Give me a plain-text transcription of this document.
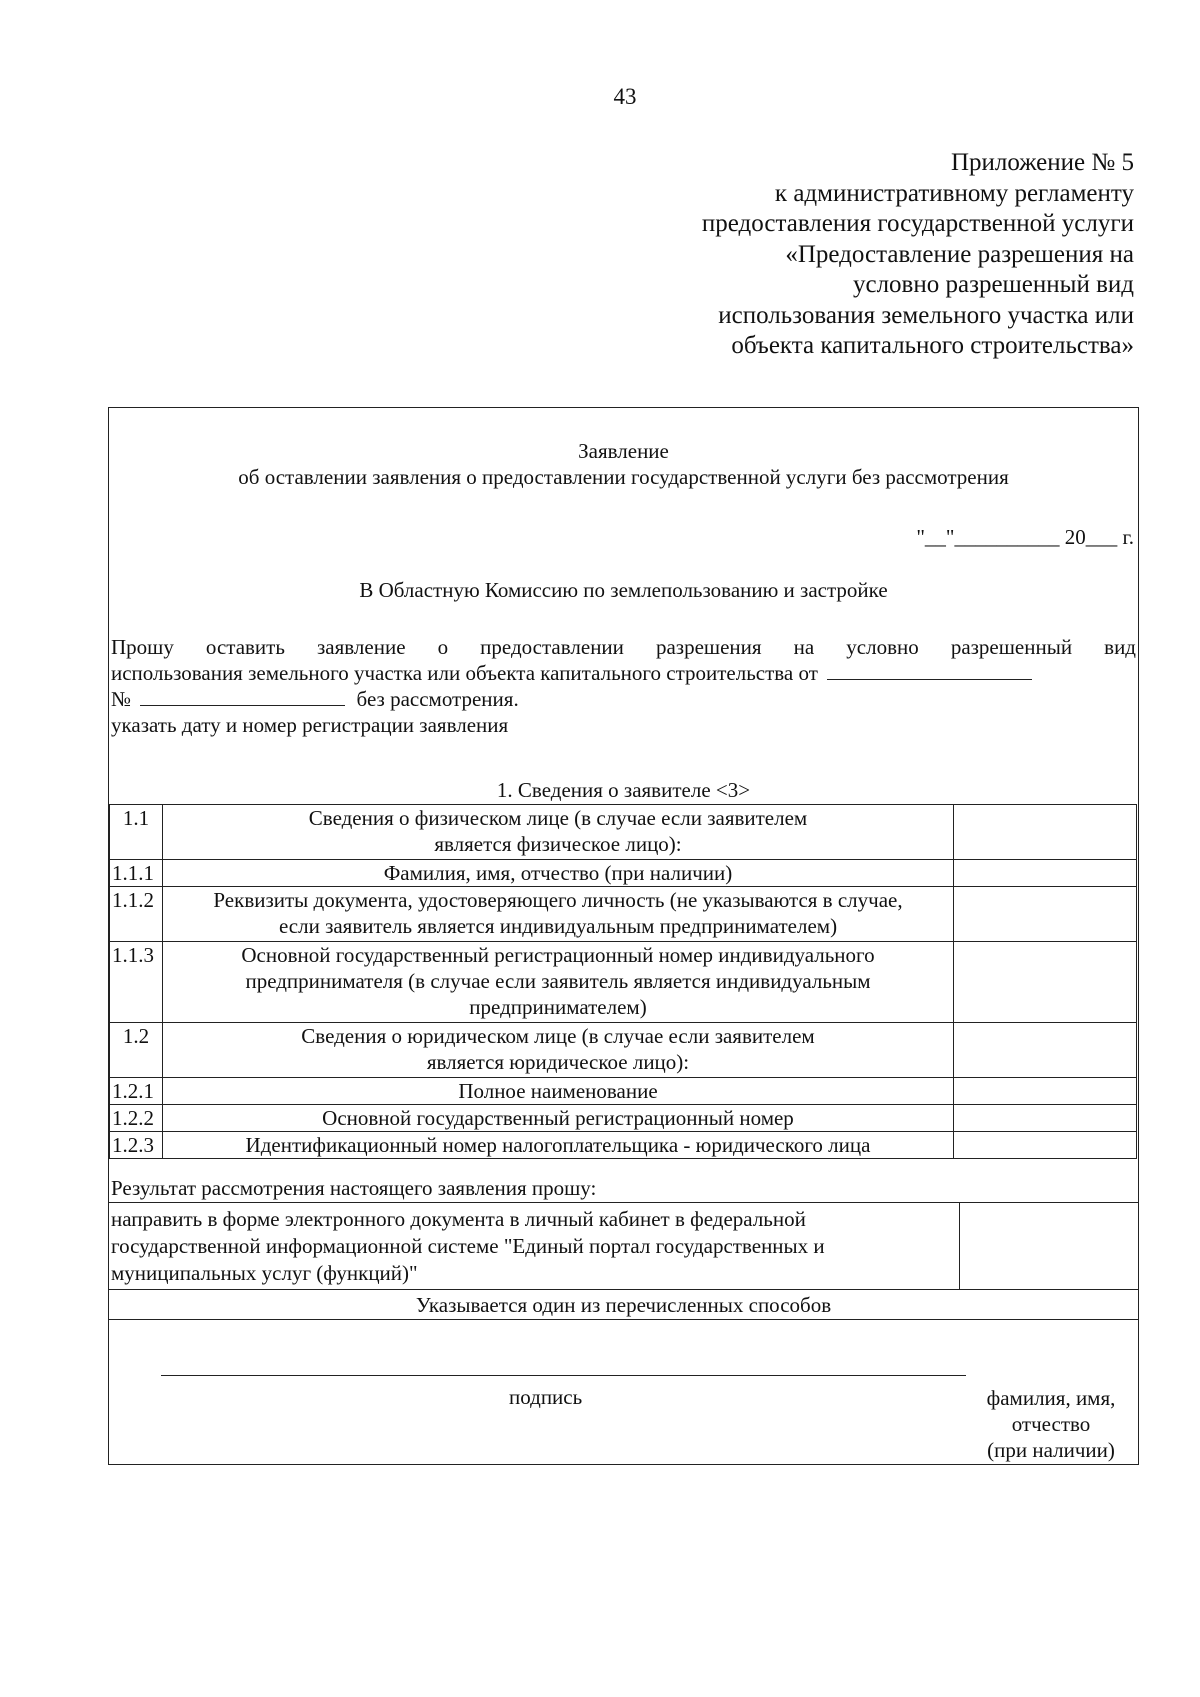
43
Приложение № 5
к административному регламенту
предоставления государственной услуги
«Предоставление разрешения на
условно разрешенный вид
использования земельного участка или
объекта капитального строительства»
Заявление
об оставлении заявления о предоставлении государственной услуги без рассмотрения
"__"__________ 20___ г.
В Областную Комиссию по землепользованию и застройке
Прошу оставить заявление о предоставлении разрешения на условно разрешенный вид
использования земельного участка или объекта капитального строительства от
№	без рассмотрения.
указать дату и номер регистрации заявления
1. Сведения о заявителе <3>
1.1	Сведения о физическом лице (в случае если заявителем является физическое лицо):	
1.1.1	Фамилия, имя, отчество (при наличии)	
1.1.2	Реквизиты документа, удостоверяющего личность (не указываются в случае, если заявитель является индивидуальным предпринимателем)	
1.1.3	Основной государственный регистрационный номер индивидуального предпринимателя (в случае если заявитель является индивидуальным предпринимателем)	
1.2	Сведения о юридическом лице (в случае если заявителем является юридическое лицо):	
1.2.1	Полное наименование	
1.2.2	Основной государственный регистрационный номер	
1.2.3	Идентификационный номер налогоплательщика - юридического лица	
Результат рассмотрения настоящего заявления прошу:
направить в форме электронного документа в личный кабинет в федеральной государственной информационной системе "Единый портал государственных и муниципальных услуг (функций)"
Указывается один из перечисленных способов
подпись	фамилия, имя,
отчество
(при наличии)
